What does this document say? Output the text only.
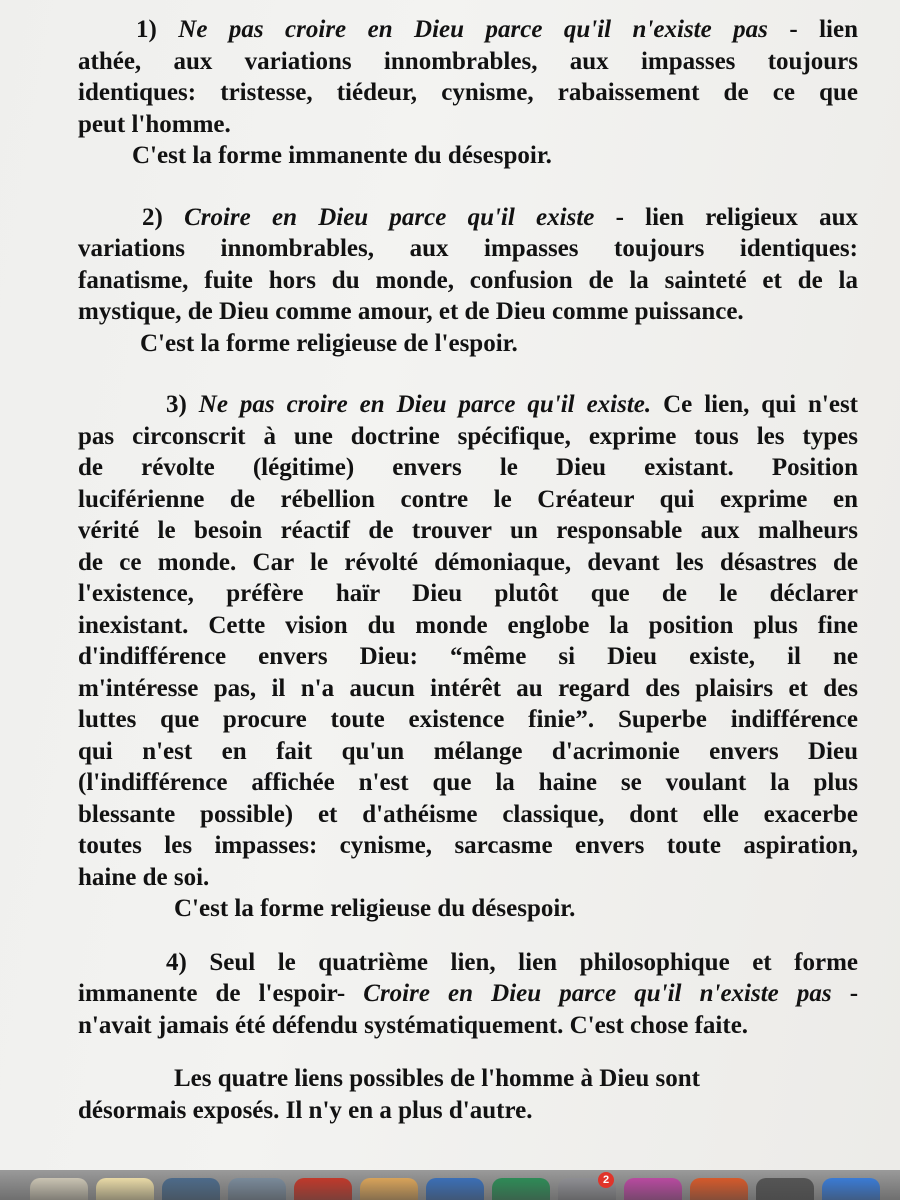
1) Ne pas croire en Dieu parce qu'il n'existe pas - lien
athée, aux variations innombrables, aux impasses toujours
identiques: tristesse, tiédeur, cynisme, rabaissement de ce que
peut l'homme.
C'est la forme immanente du désespoir.
2) Croire en Dieu parce qu'il existe - lien religieux aux
variations innombrables, aux impasses toujours identiques:
fanatisme, fuite hors du monde, confusion de la sainteté et de la
mystique, de Dieu comme amour, et de Dieu comme puissance.
C'est la forme religieuse de l'espoir.
3) Ne pas croire en Dieu parce qu'il existe. Ce lien, qui n'est
pas circonscrit à une doctrine spécifique, exprime tous les types
de révolte (légitime) envers le Dieu existant. Position
luciférienne de rébellion contre le Créateur qui exprime en
vérité le besoin réactif de trouver un responsable aux malheurs
de ce monde. Car le révolté démoniaque, devant les désastres de
l'existence, préfère haïr Dieu plutôt que de le déclarer
inexistant. Cette vision du monde englobe la position plus fine
d'indifférence envers Dieu: “même si Dieu existe, il ne
m'intéresse pas, il n'a aucun intérêt au regard des plaisirs et des
luttes que procure toute existence finie”. Superbe indifférence
qui n'est en fait qu'un mélange d'acrimonie envers Dieu
(l'indifférence affichée n'est que la haine se voulant la plus
blessante possible) et d'athéisme classique, dont elle exacerbe
toutes les impasses: cynisme, sarcasme envers toute aspiration,
haine de soi.
C'est la forme religieuse du désespoir.
4) Seul le quatrième lien, lien philosophique et forme
immanente de l'espoir- Croire en Dieu parce qu'il n'existe pas -
n'avait jamais été défendu systématiquement. C'est chose faite.
Les quatre liens possibles de l'homme à Dieu sont
désormais exposés. Il n'y en a plus d'autre.
2
